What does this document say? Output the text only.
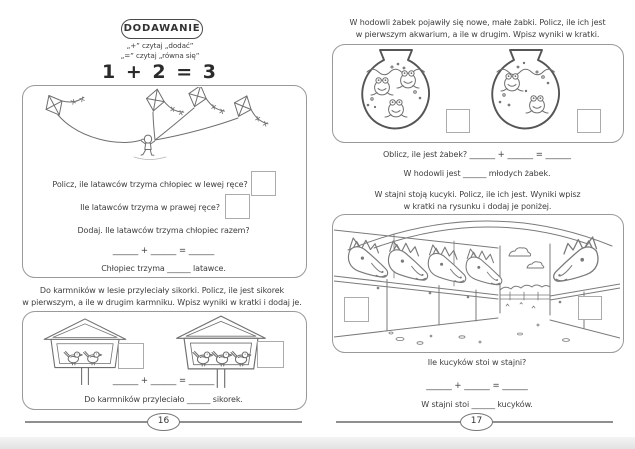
DODAWANIE
„+” czytaj „dodać”
„=” czytaj „równa się”
1 + 2 = 3
Policz, ile latawców trzyma chłopiec w lewej ręce?
Ile latawców trzyma w prawej ręce?
Dodaj. Ile latawców trzyma chłopiec razem?
______ + ______ = ______
Chłopiec trzyma ______ latawce.
Do karmników w lesie przyleciały sikorki. Policz, ile jest sikorek
w pierwszym, a ile w drugim karmniku. Wpisz wyniki w kratki i dodaj je.
______ + ______ = ______
Do karmników przyleciało ______ sikorek.
16
W hodowli żabek pojawiły się nowe, małe żabki. Policz, ile ich jest
w pierwszym akwarium, a ile w drugim. Wpisz wyniki w kratki.
Oblicz, ile jest żabek? ______ + ______ = ______
W hodowli jest ______ młodych żabek.
W stajni stoją kucyki. Policz, ile ich jest. Wyniki wpisz
w kratki na rysunku i dodaj je poniżej.
Ile kucyków stoi w stajni?
______ + ______ = ______
W stajni stoi ______ kucyków.
17
